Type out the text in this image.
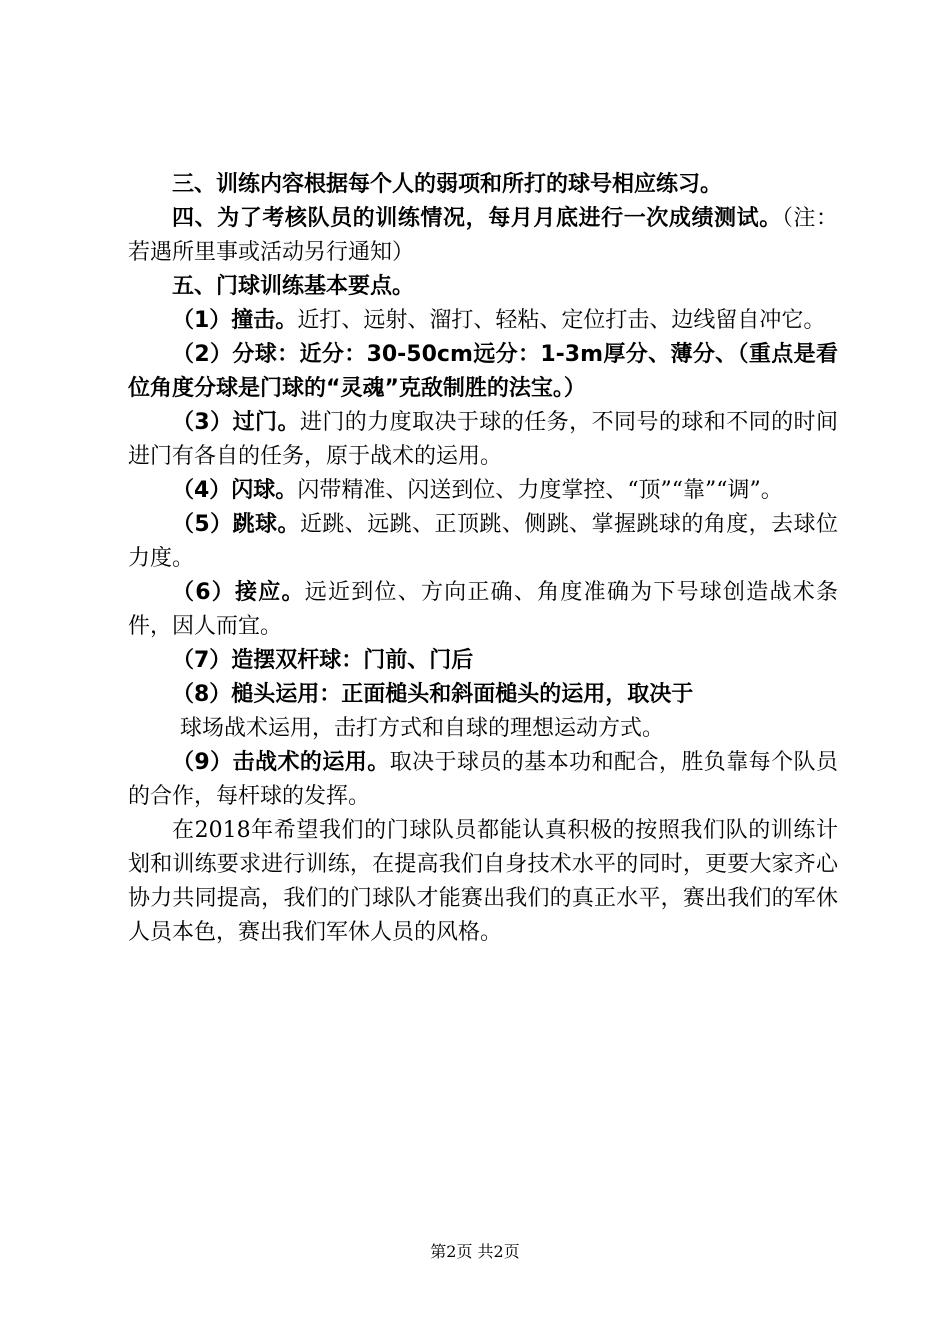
三、训练内容根据每个人的弱项和所打的球号相应练习。

四、为了考核队员的训练情况，每月月底进行一次成绩测试。（注：若遇所里事或活动另行通知）

五、门球训练基本要点。

（1）撞击。近打、远射、溜打、轻粘、定位打击、边线留自冲它。

（2）分球：近分：30-50cm远分：1-3m厚分、薄分、（重点是看位角度分球是门球的“灵魂”克敌制胜的法宝。）

（3）过门。进门的力度取决于球的任务，不同号的球和不同的时间进门有各自的任务，原于战术的运用。

（4）闪球。闪带精准、闪送到位、力度掌控、“顶”“靠”“调”。

（5）跳球。近跳、远跳、正顶跳、侧跳、掌握跳球的角度，去球位力度。

（6）接应。远近到位、方向正确、角度准确为下号球创造战术条件，因人而宜。

（7）造摆双杆球：门前、门后

（8）槌头运用：正面槌头和斜面槌头的运用，取决于

球场战术运用，击打方式和自球的理想运动方式。

（9）击战术的运用。取决于球员的基本功和配合，胜负靠每个队员的合作，每杆球的发挥。

在2018年希望我们的门球队员都能认真积极的按照我们队的训练计划和训练要求进行训练，在提高我们自身技术水平的同时，更要大家齐心协力共同提高，我们的门球队才能赛出我们的真正水平，赛出我们的军休人员本色，赛出我们军休人员的风格。

第2页 共2页
